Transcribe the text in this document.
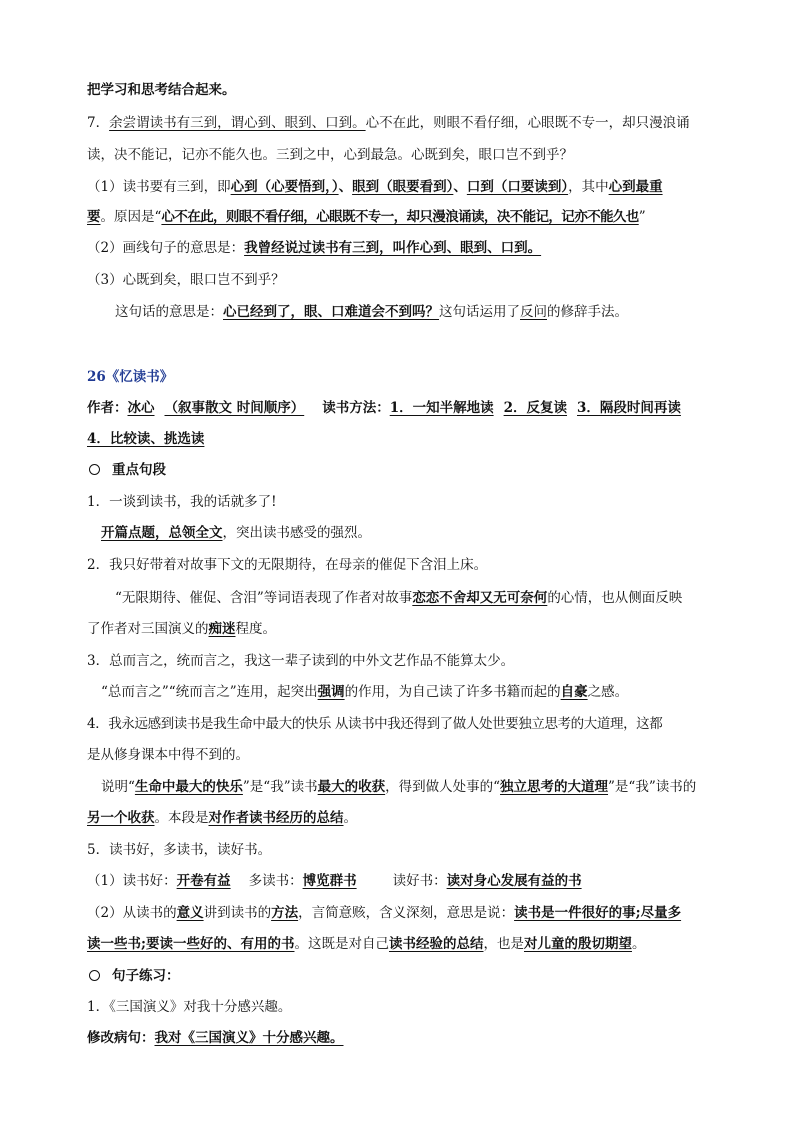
把学习和思考结合起来。
7．余尝谓读书有三到，谓心到、眼到、口到。心不在此，则眼不看仔细，心眼既不专一，却只漫浪诵
读，决不能记，记亦不能久也。三到之中，心到最急。心既到矣，眼口岂不到乎？
（1）读书要有三到，即心到（心要悟到，）、眼到（眼要看到）、口到（口要读到），其中心到最重
要。原因是“心不在此，则眼不看仔细，心眼既不专一，却只漫浪诵读，决不能记，记亦不能久也”
（2）画线句子的意思是：我曾经说过读书有三到，叫作心到、眼到、口到。
（3）心既到矣，眼口岂不到乎？
这句话的意思是：心已经到了，眼、口难道会不到吗？这句话运用了反问的修辞手法。
26《忆读书》
作者：冰心 （叙事散文 时间顺序） 读书方法：1．一知半解地读 2．反复读 3．隔段时间再读
4．比较读、挑选读
重点句段
1．一谈到读书，我的话就多了!
开篇点题，总领全文，突出读书感受的强烈。
2．我只好带着对故事下文的无限期待，在母亲的催促下含泪上床。
“无限期待、催促、含泪”等词语表现了作者对故事恋恋不舍却又无可奈何的心情，也从侧面反映
了作者对三国演义的痴迷程度。
3．总而言之，统而言之，我这一辈子读到的中外文艺作品不能算太少。
“总而言之”“统而言之”连用，起突出强调的作用，为自己读了许多书籍而起的自豪之感。
4．我永远感到读书是我生命中最大的快乐 从读书中我还得到了做人处世要独立思考的大道理，这都
是从修身课本中得不到的。
说明“生命中最大的快乐”是“我”读书最大的收获，得到做人处事的“独立思考的大道理”是“我”读书的
另一个收获。本段是对作者读书经历的总结。
5．读书好，多读书，读好书。
（1）读书好：开卷有益 多读书：博览群书	读好书：读对身心发展有益的书
（2）从读书的意义讲到读书的方法，言简意赅，含义深刻，意思是说：读书是一件很好的事;尽量多
读一些书;要读一些好的、有用的书。这既是对自己读书经验的总结，也是对儿童的殷切期望。
句子练习：
1．《三国演义》对我十分感兴趣。
修改病句：我对《三国演义》十分感兴趣。
